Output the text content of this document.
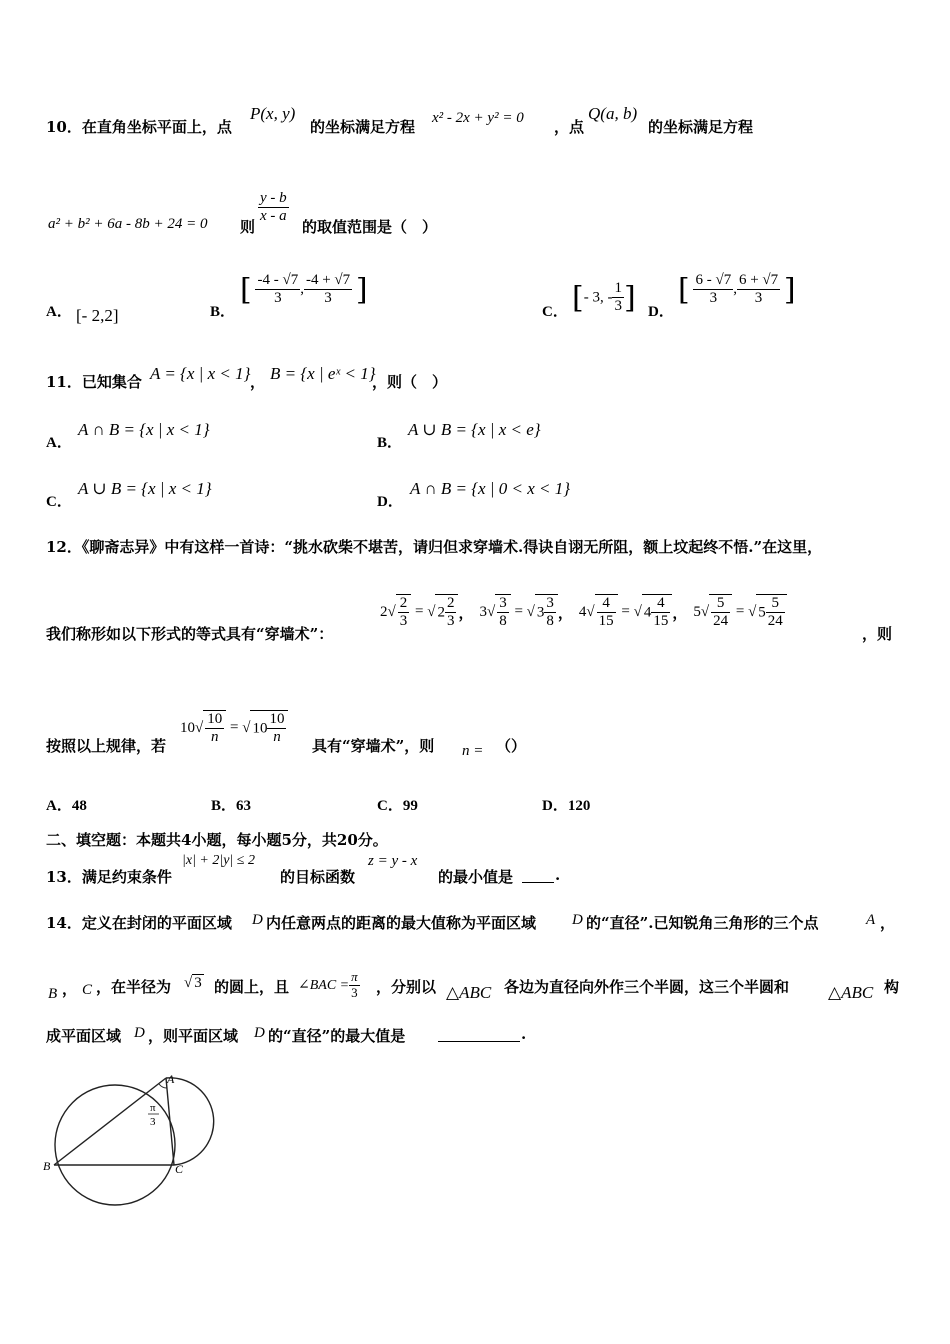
10．在直角坐标平面上，点
P(x, y)
的坐标满足方程 x² - 2x + y² = 0 ，点
Q(a, b)
的坐标满足方程
a² + b² + 6a - 8b + 24 = 0 则
$\frac{y - b}{x - a}$
的取值范围是（　）
A． [- 2,2]	B．
[ $\frac{-4 - √7}{3}$ , $\frac{-4 + √7}{3}$ ]
C． [- 3, - $\frac{1}{3}$ ] D．
[ $\frac{6 - √7}{3}$ , $\frac{6 + √7}{3}$ ]
11．已知集合 A = {x | x < 1} ， B = {x | eˣ < 1}
，则（　）
A．
A ∩ B = {x | x < 1}
B．
A ∪ B = {x | x < e}
C．
A ∪ B = {x | x < 1}
D．
A ∩ B = {x | 0 < x < 1}
12．《聊斋志异》中有这样一首诗：“挑水砍柴不堪苦，请归但求穿墙术.得诀自诩无所阻，额上坟起终不悟.”在这里，
我们称形如以下形式的等式具有“穿墙术”：
$2√ \frac{2}{3}$ = √ $2 \frac{2}{3}$ ， $3√ \frac{3}{8}$ = √ $3 \frac{3}{8}$ ， $4√ \frac{4}{15}$ = √ $4 \frac{4}{15}$ ， $5√ \frac{5}{24}$ = √ $5 \frac{5}{24}$
，则
按照以上规律，若
$10√ \frac{10}{n}$ = √ $10 \frac{10}{n}$ 具有“穿墙术”，则 n = （）
A．48	B．63	C．99	D．120
二、填空题：本题共4小题，每小题5分，共20分。
13．满足约束条件
|x| + 2|y| ≤ 2
的目标函数
z = y - x
的最小值是	.
14．定义在封闭的平面区域 D 内任意两点的距离的最大值称为平面区域 D 的“直径”.已知锐角三角形的三个点	A ，
B ， C ，在半径为 √ 3 的圆上，且 ∠BAC = $\frac{\pi}{3}$ ，分别以 △ABC 各边为直径向外作三个半圆，这三个半圆和 △ABC 构
成平面区域 D ，则平面区域 D 的“直径”的最大值是	.
A
B	C
π
3
